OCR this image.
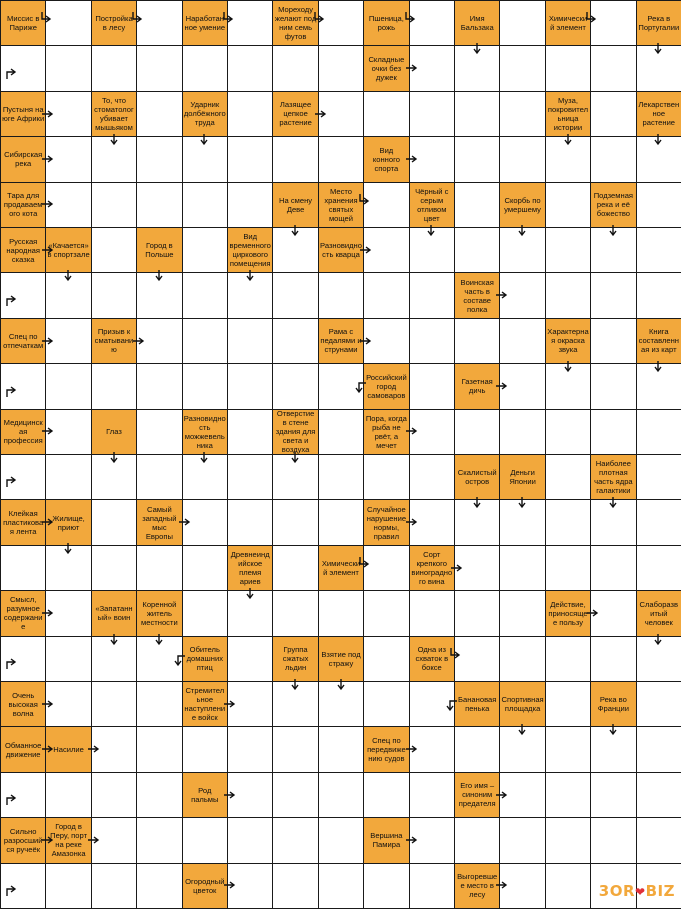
Миссис в Париже
Постройка в лесу
Наработанное умение
Мореходу желают под ним семь футов
Пшеница, рожь
Имя Бальзака
Химический элемент
Река в Португалии
Складные очки без дужек
Пустыня на юге Африки
То, что стоматолог убивает мышьяком
Ударник долбёжного труда
Лазящее цепкое растение
Муза, покровительница истории
Лекарственное растение
Сибирская река
Вид конного спорта
Тара для продаваемого кота
На смену Деве
Место хранения святых мощей
Чёрный с серым отливом цвет
Скорбь по умершему
Подземная река и её божество
Русская народная сказка
«Качается» в спортзале
Город в Польше
Вид временного циркового помещения
Разновидность кварца
Воинская часть в составе полка
Спец по отпечаткам
Призыв к сматыванию
Рама с педалями и струнами
Характерная окраска звука
Книга составленная из карт
Российский город самоваров
Газетная дичь
Медицинская профессия
Глаз
Разновидность можжевельника
Отверстие в стене здания для света и воздуха
Пора, когда рыба не рвёт, а мечет
Скалистый остров
Деньги Японии
Наиболее плотная часть ядра галактики
Клейкая пластиковая лента
Жилище, приют
Самый западный мыс Европы
Случайное нарушение нормы, правил
Древнеиндийское племя ариев
Химический элемент
Сорт крепкого виноградного вина
Смысл, разумное содержание
«Запатанный» воин
Коренной житель местности
Действие, приносящее пользу
Слаборазвитый человек
Обитель домашних птиц
Группа сжатых льдин
Взятие под стражу
Одна из схваток в боксе
Очень высокая волна
Стремительное наступление войск
Банановая пенька
Спортивная площадка
Река во Франции
Обманное движение	Насилие
Спец по передвижению судов
Род пальмы
Его имя – синоним предателя
Сильно разросшийся ручеёк
Город в Перу, порт на реке Амазонка
Вершина Памира
Огородный цветок
Выгоревшее место в лесу	3OR❤BIZ
